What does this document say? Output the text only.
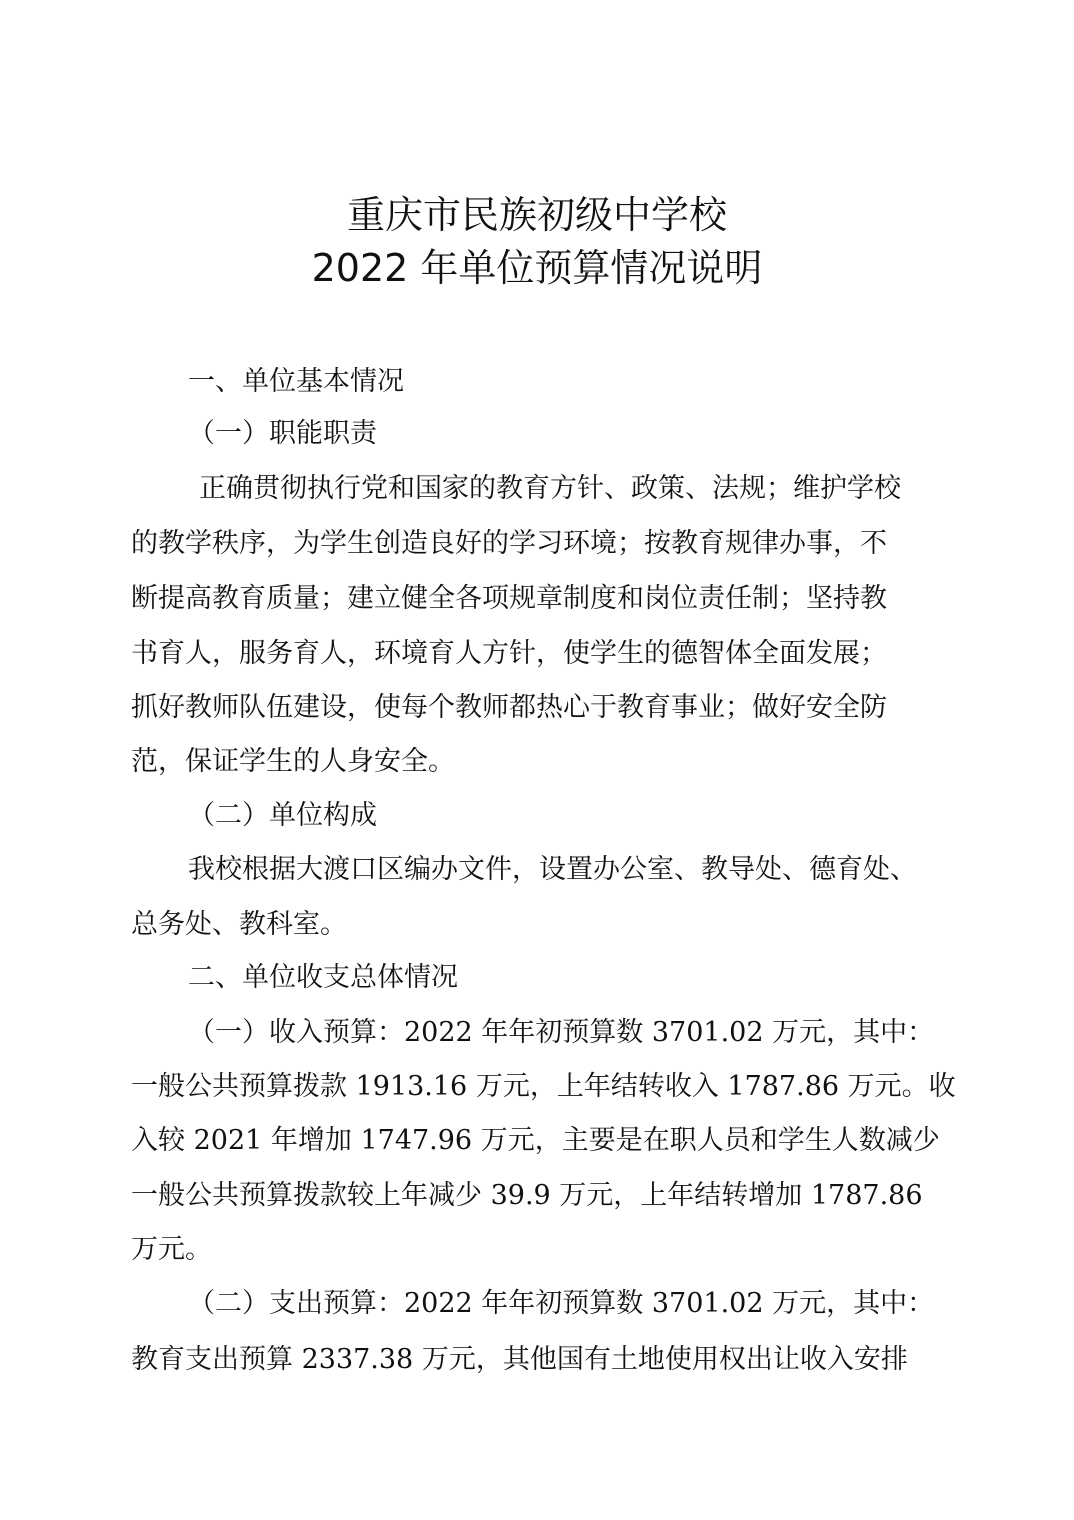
重庆市民族初级中学校
2022 年单位预算情况说明
一、单位基本情况
（一）职能职责
正确贯彻执行党和国家的教育方针、政策、法规；维护学校
的教学秩序，为学生创造良好的学习环境；按教育规律办事，不
断提高教育质量；建立健全各项规章制度和岗位责任制；坚持教
书育人，服务育人，环境育人方针，使学生的德智体全面发展；
抓好教师队伍建设，使每个教师都热心于教育事业；做好安全防
范，保证学生的人身安全。
（二）单位构成
我校根据大渡口区编办文件，设置办公室、教导处、德育处、
总务处、教科室。
二、单位收支总体情况
（一）收入预算：2022 年年初预算数 3701.02 万元，其中：
一般公共预算拨款 1913.16 万元，上年结转收入 1787.86 万元。收
入较 2021 年增加 1747.96 万元，主要是在职人员和学生人数减少
一般公共预算拨款较上年减少 39.9 万元，上年结转增加 1787.86
万元。
（二）支出预算：2022 年年初预算数 3701.02 万元，其中：
教育支出预算 2337.38 万元，其他国有土地使用权出让收入安排
